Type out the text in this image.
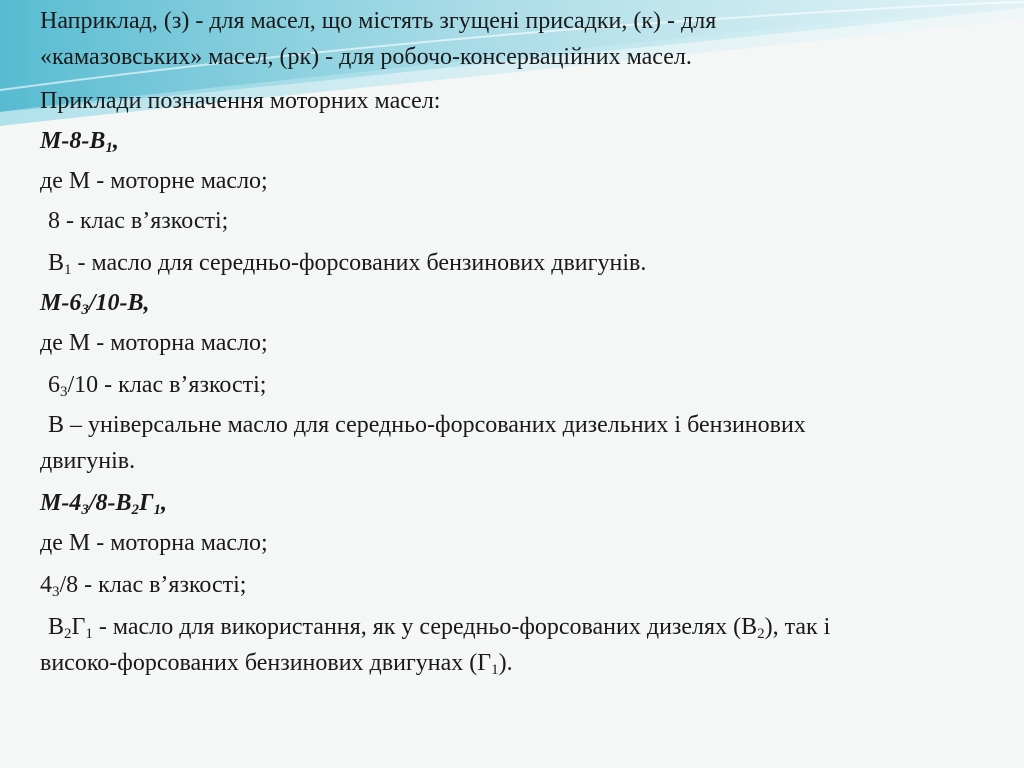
Наприклад, (з) - для масел, що містять згущені присадки, (к) - для
«камазовських» масел, (рк) - для робочо-консерваційних масел.
Приклади позначення моторних масел:
$М-8-В_1$,
де М - моторне масло;
8 - клас в’язкості;
$В_1$ - масло для середньо-форсованих бензинових двигунів.
$М-6_3/10-В$,
де М - моторна масло;
$6_3/10$ - клас в’язкості;
В – універсальне масло для середньо-форсованих дизельних і бензинових
двигунів.
$М-4_3/8-В_2Г_1$,
де М - моторна масло;
$4_3/8$ - клас в’язкості;
$В_2Г_1$ - масло для використання, як у середньо-форсованих дизелях $(В_2)$, так і
високо-форсованих бензинових двигунах $(Г_1)$.
